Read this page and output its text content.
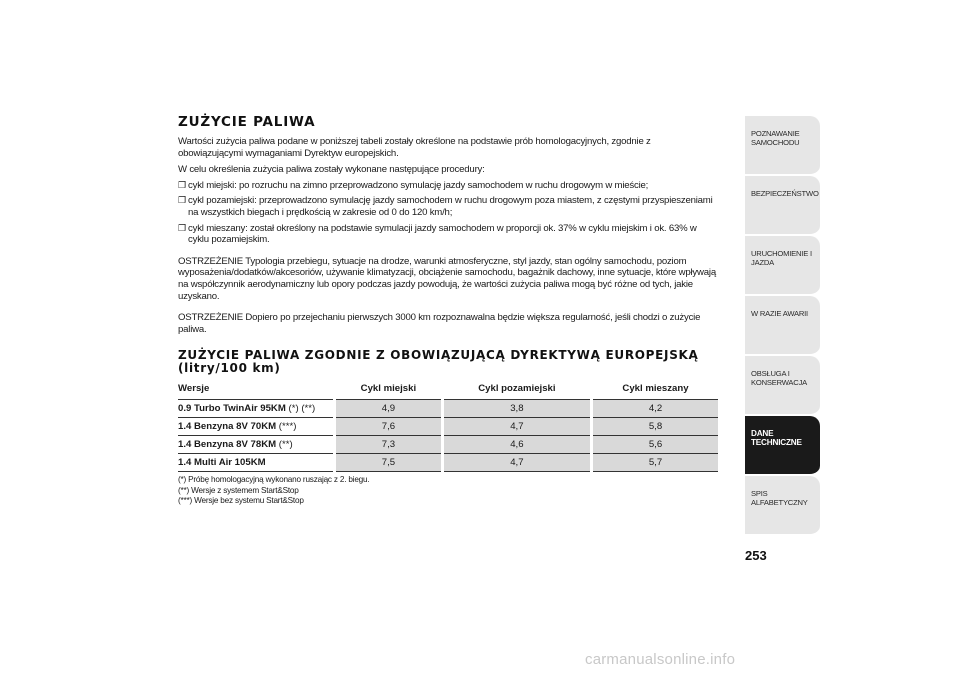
ZUŻYCIE PALIWA

Wartości zużycia paliwa podane w poniższej tabeli zostały określone na podstawie prób homologacyjnych, zgodnie z obowiązującymi wymaganiami Dyrektyw europejskich.

W celu określenia zużycia paliwa zostały wykonane następujące procedury:

❒ cykl miejski: po rozruchu na zimno przeprowadzono symulację jazdy samochodem w ruchu drogowym w mieście;
❒ cykl pozamiejski: przeprowadzono symulację jazdy samochodem w ruchu drogowym poza miastem, z częstymi przyspieszeniami na wszystkich biegach i prędkością w zakresie od 0 do 120 km/h;
❒ cykl mieszany: został określony na podstawie symulacji jazdy samochodem w proporcji ok. 37% w cyklu miejskim i ok. 63% w cyklu pozamiejskim.

OSTRZEŻENIE Typologia przebiegu, sytuacje na drodze, warunki atmosferyczne, styl jazdy, stan ogólny samochodu, poziom wyposażenia/dodatków/akcesoriów, używanie klimatyzacji, obciążenie samochodu, bagażnik dachowy, inne sytuacje, które wpływają na współczynnik aerodynamiczny lub opory podczas jazdy powodują, że wartości zużycia paliwa mogą być różne od tych, jakie uzyskano.

OSTRZEŻENIE Dopiero po przejechaniu pierwszych 3000 km rozpoznawalna będzie większa regularność, jeśli chodzi o zużycie paliwa.

ZUŻYCIE PALIWA ZGODNIE Z OBOWIĄZUJĄCĄ DYREKTYWĄ EUROPEJSKĄ
(litry/100 km)
Wersje		Cykl miejski		Cykl pozamiejski		Cykl mieszany
0.9 Turbo TwinAir 95KM (*) (**)		4,9		3,8		4,2
1.4 Benzyna 8V 70KM (***)		7,6		4,7		5,8
1.4 Benzyna 8V 78KM (**)		7,3		4,6		5,6
1.4 Multi Air 105KM		7,5		4,7		5,7

(*) Próbę homologacyjną wykonano ruszając z 2. biegu.

(**) Wersje z systemem Start&Stop

(***) Wersje bez systemu Start&Stop

POZNAWANIE SAMOCHODU
BEZPIECZEŃSTWO
URUCHOMIENIE I JAZDA
W RAZIE AWARII
OBSŁUGA I KONSERWACJA
DANE TECHNICZNE
SPIS ALFABETYCZNY
253
carmanualsonline.info
